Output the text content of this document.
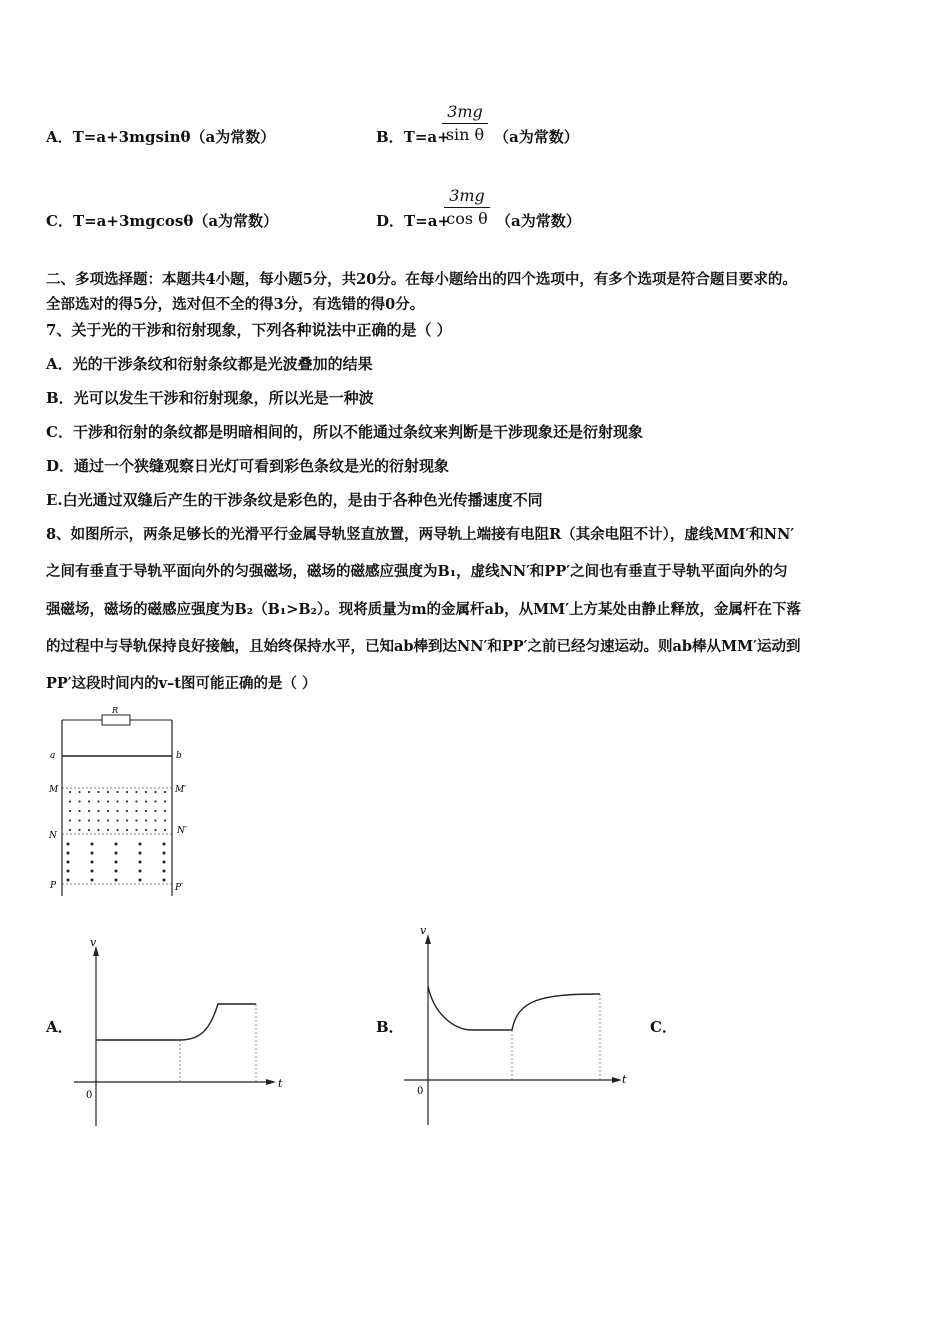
A．T=a+3mgsinθ（a为常数）	B．T=a+
$\frac{3mg}{\text{sin θ}} (a$为常数）
C．T=a+3mgcosθ（a为常数）	D．T=a+
$\frac{3mg}{\text{cos θ}} (a$为常数）
二、多项选择题：本题共4小题，每小题5分，共20分。在每小题给出的四个选项中，有多个选项是符合题目要求的。
全部选对的得5分，选对但不全的得3分，有选错的得0分。
7、关于光的干涉和衍射现象，下列各种说法中正确的是（ ）
A．光的干涉条纹和衍射条纹都是光波叠加的结果
B．光可以发生干涉和衍射现象，所以光是一种波
C．干涉和衍射的条纹都是明暗相间的，所以不能通过条纹来判断是干涉现象还是衍射现象
D．通过一个狭缝观察日光灯可看到彩色条纹是光的衍射现象
E.白光通过双缝后产生的干涉条纹是彩色的，是由于各种色光传播速度不同
8、如图所示，两条足够长的光滑平行金属导轨竖直放置，两导轨上端接有电阻R（其余电阻不计），虚线MM′和NN′
之间有垂直于导轨平面向外的匀强磁场，磁场的磁感应强度为B₁，虚线NN′和PP′之间也有垂直于导轨平面向外的匀
强磁场，磁场的磁感应强度为B₂（B₁>B₂）。现将质量为m的金属杆ab，从MM′上方某处由静止释放，金属杆在下落
的过程中与导轨保持良好接触，且始终保持水平，已知ab棒到达NN′和PP′之前已经匀速运动。则ab棒从MM′运动到
PP′这段时间内的v–t图可能正确的是（ ）
R
a	b
M	M′
N	N′
P	P′
A．
v
t
0
B．
v
t
0
C．
